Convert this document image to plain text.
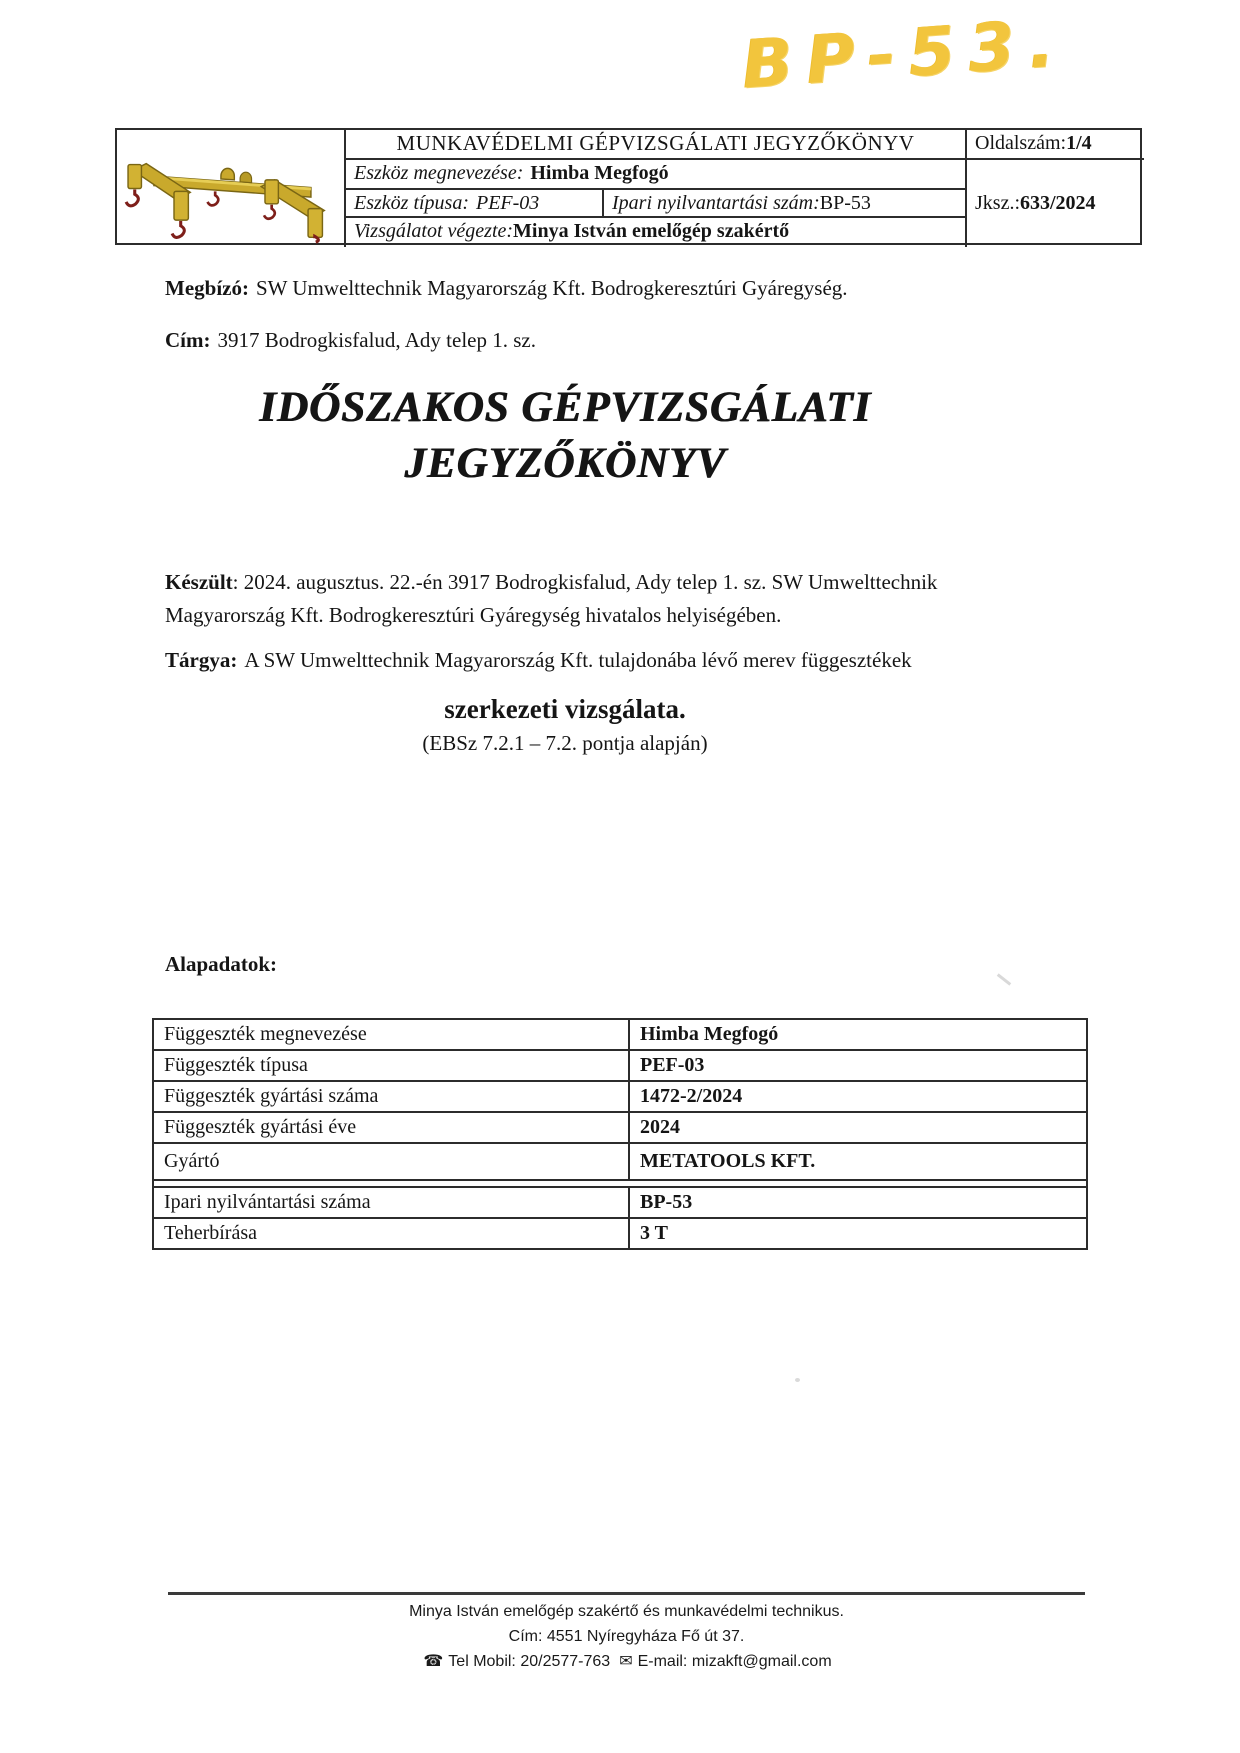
BP-53.
MUNKAVÉDELMI GÉPVIZSGÁLATI JEGYZŐKÖNYV	Oldalszám:1/4
Eszköz megnevezése: Himba Megfogó
Jksz.: 633/2024
Eszköz típusa: PEF-03	Ipari nyilvantartási szám:BP-53
Vizsgálatot végezte:Minya István emelőgép szakértő
Megbízó: SW Umwelttechnik Magyarország Kft. Bodrogkeresztúri Gyáregység.
Cím: 3917 Bodrogkisfalud, Ady telep 1. sz.
IDŐSZAKOS GÉPVIZSGÁLATI
JEGYZŐKÖNYV
Készült: 2024. augusztus. 22.-én 3917 Bodrogkisfalud, Ady telep 1. sz. SW Umwelttechnik Magyarország Kft. Bodrogkeresztúri Gyáregység hivatalos helyiségében.
Tárgya: A SW Umwelttechnik Magyarország Kft. tulajdonába lévő merev függesztékek
szerkezeti vizsgálata.
(EBSz 7.2.1 – 7.2. pontja alapján)
Alapadatok:
Függeszték megnevezése	Himba Megfogó
Függeszték típusa	PEF-03
Függeszték gyártási száma	1472-2/2024
Függeszték gyártási éve	2024
Gyártó	METATOOLS KFT.
Ipari nyilvántartási száma	BP-53
Teherbírása	3 T
Minya István emelőgép szakértő és munkavédelmi technikus.
Cím: 4551 Nyíregyháza Fő út 37.
☎ Tel Mobil: 20/2577-763 ✉ E-mail: mizakft@gmail.com
